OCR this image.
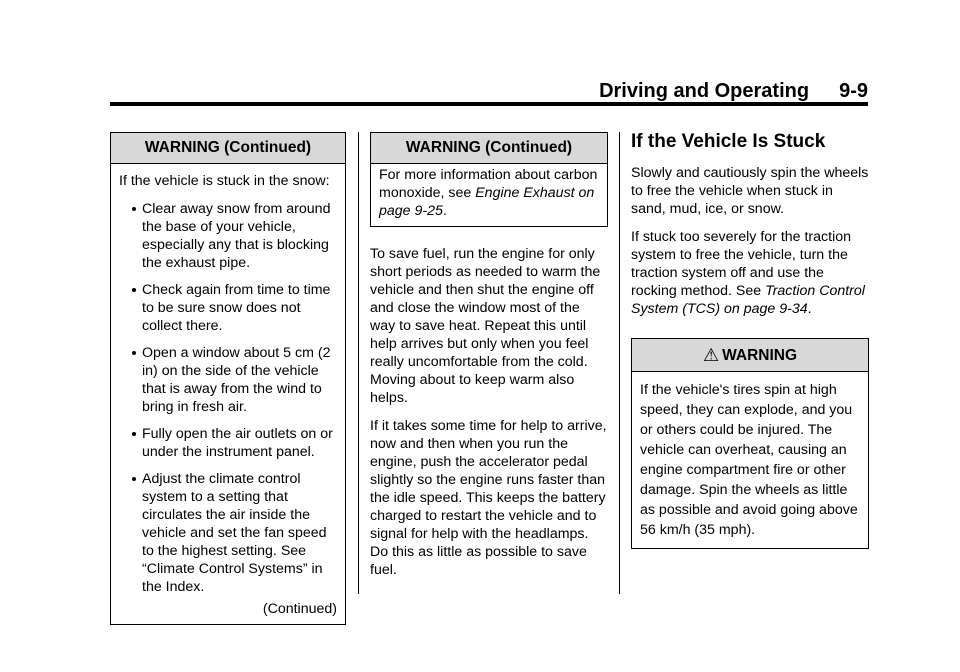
Driving and Operating 9-9
WARNING (Continued)

If the vehicle is stuck in the snow:

Clear away snow from around the base of your vehicle, especially any that is blocking the exhaust pipe.
Check again from time to time to be sure snow does not collect there.
Open a window about 5 cm (2 in) on the side of the vehicle that is away from the wind to bring in fresh air.
Fully open the air outlets on or under the instrument panel.
Adjust the climate control system to a setting that circulates the air inside the vehicle and set the fan speed to the highest setting. See “Climate Control Systems” in the Index.
(Continued)
WARNING (Continued)
For more information about carbon monoxide, see Engine Exhaust on page 9-25.

To save fuel, run the engine for only short periods as needed to warm the vehicle and then shut the engine off and close the window most of the way to save heat. Repeat this until help arrives but only when you feel really uncomfortable from the cold. Moving about to keep warm also helps.

If it takes some time for help to arrive, now and then when you run the engine, push the accelerator pedal slightly so the engine runs faster than the idle speed. This keeps the battery charged to restart the vehicle and to signal for help with the headlamps. Do this as little as possible to save fuel.

If the Vehicle Is Stuck

Slowly and cautiously spin the wheels to free the vehicle when stuck in sand, mud, ice, or snow.

If stuck too severely for the traction system to free the vehicle, turn the traction system off and use the rocking method. See Traction Control System (TCS) on page 9-34.

⚠ WARNING
If the vehicle's tires spin at high speed, they can explode, and you or others could be injured. The vehicle can overheat, causing an engine compartment fire or other damage. Spin the wheels as little as possible and avoid going above 56 km/h (35 mph).
